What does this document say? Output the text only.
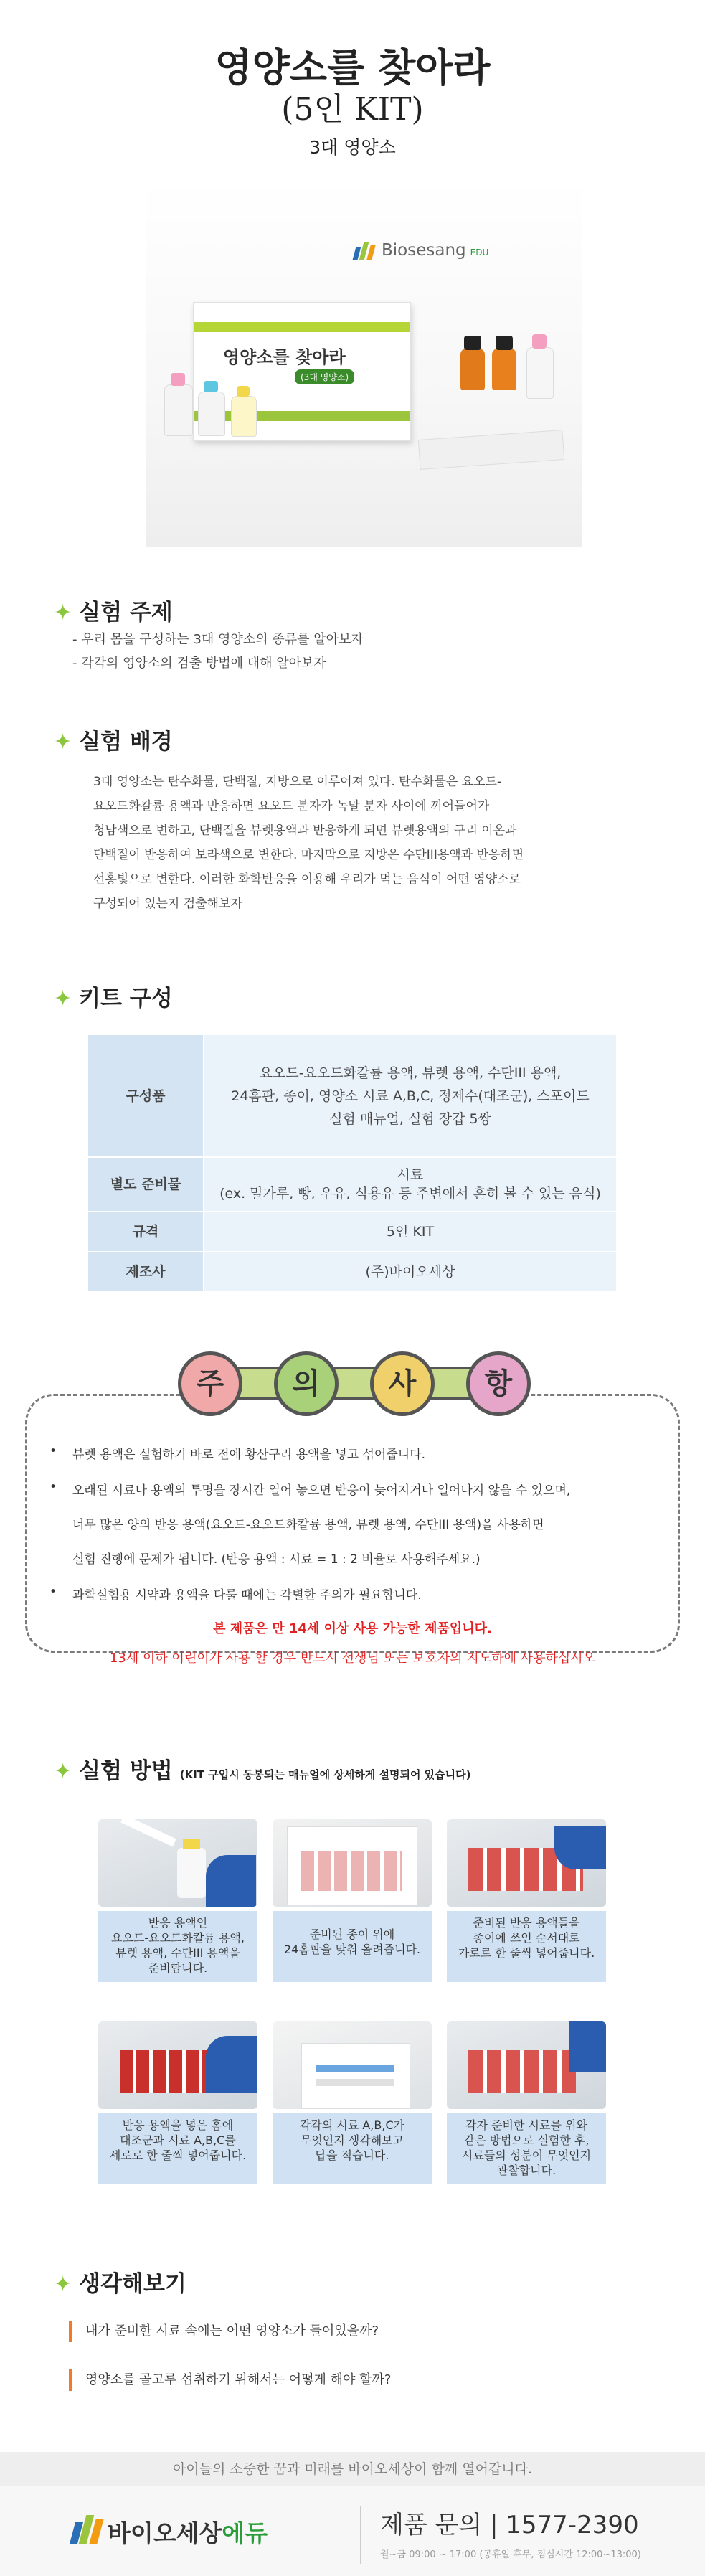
영양소를 찾아라
(5인 KIT)
3대 영양소
Biosesang EDU
영양소를 찾아라
(3대 영양소)
✦ 실험 주제
- 우리 몸을 구성하는 3대 영양소의 종류를 알아보자
- 각각의 영양소의 검출 방법에 대해 알아보자
✦ 실험 배경
3대 영양소는 탄수화물, 단백질, 지방으로 이루어져 있다. 탄수화물은 요오드-
요오드화칼륨 용액과 반응하면 요오드 분자가 녹말 분자 사이에 끼어들어가
청남색으로 변하고, 단백질을 뷰렛용액과 반응하게 되면 뷰렛용액의 구리 이온과
단백질이 반응하여 보라색으로 변한다. 마지막으로 지방은 수단III용액과 반응하면
선홍빛으로 변한다. 이러한 화학반응을 이용해 우리가 먹는 음식이 어떤 영양소로
구성되어 있는지 검출해보자
✦ 키트 구성
구성품	요오드-요오드화칼륨 용액, 뷰렛 용액, 수단III 용액,
24홈판, 종이, 영양소 시료 A,B,C, 정제수(대조군), 스포이드
실험 매뉴얼, 실험 장갑 5쌍

별도 준비물	시료
(ex. 밀가루, 빵, 우유, 식용유 등 주변에서 흔히 볼 수 있는 음식)

규격	5인 KIT
제조사	(주)바이오세상
주	의	사	항
• 뷰렛 용액은 실험하기 바로 전에 황산구리 용액을 넣고 섞어줍니다.
• 오래된 시료나 용액의 투명을 장시간 열어 놓으면 반응이 늦어지거나 일어나지 않을 수 있으며,
너무 많은 양의 반응 용액(요오드-요오드화칼륨 용액, 뷰렛 용액, 수단III 용액)을 사용하면
실험 진행에 문제가 됩니다. (반응 용액 : 시료 = 1 : 2 비율로 사용해주세요.)
• 과학실험용 시약과 용액을 다룰 때에는 각별한 주의가 필요합니다.
본 제품은 만 14세 이상 사용 가능한 제품입니다.
13세 이하 어린이가 사용 할 경우 반드시 선생님 또는 보호자의 지도하에 사용하십시오
✦ 실험 방법 (KIT 구입시 동봉되는 매뉴얼에 상세하게 설명되어 있습니다)
반응 용액인
요오드-요오드화칼륨 용액,
뷰렛 용액, 수단III 용액을
준비합니다.
준비된 종이 위에
24홈판을 맞춰 올려줍니다.
준비된 반응 용액들을
종이에 쓰인 순서대로
가로로 한 줄씩 넣어줍니다.
반응 용액을 넣은 홈에
대조군과 시료 A,B,C를
세로로 한 줄씩 넣어줍니다.
각각의 시료 A,B,C가
무엇인지 생각해보고
답을 적습니다.
각자 준비한 시료를 위와
같은 방법으로 실험한 후,
시료들의 성분이 무엇인지
관찰합니다.
✦ 생각해보기
내가 준비한 시료 속에는 어떤 영양소가 들어있을까?
영양소를 골고루 섭취하기 위해서는 어떻게 해야 할까?
아이들의 소중한 꿈과 미래를 바이오세상이 함께 열어갑니다.
바이오세상에듀	제품 문의 | 1577-2390
월~금 09:00 ~ 17:00 (공휴일 휴무, 점심시간 12:00~13:00)
